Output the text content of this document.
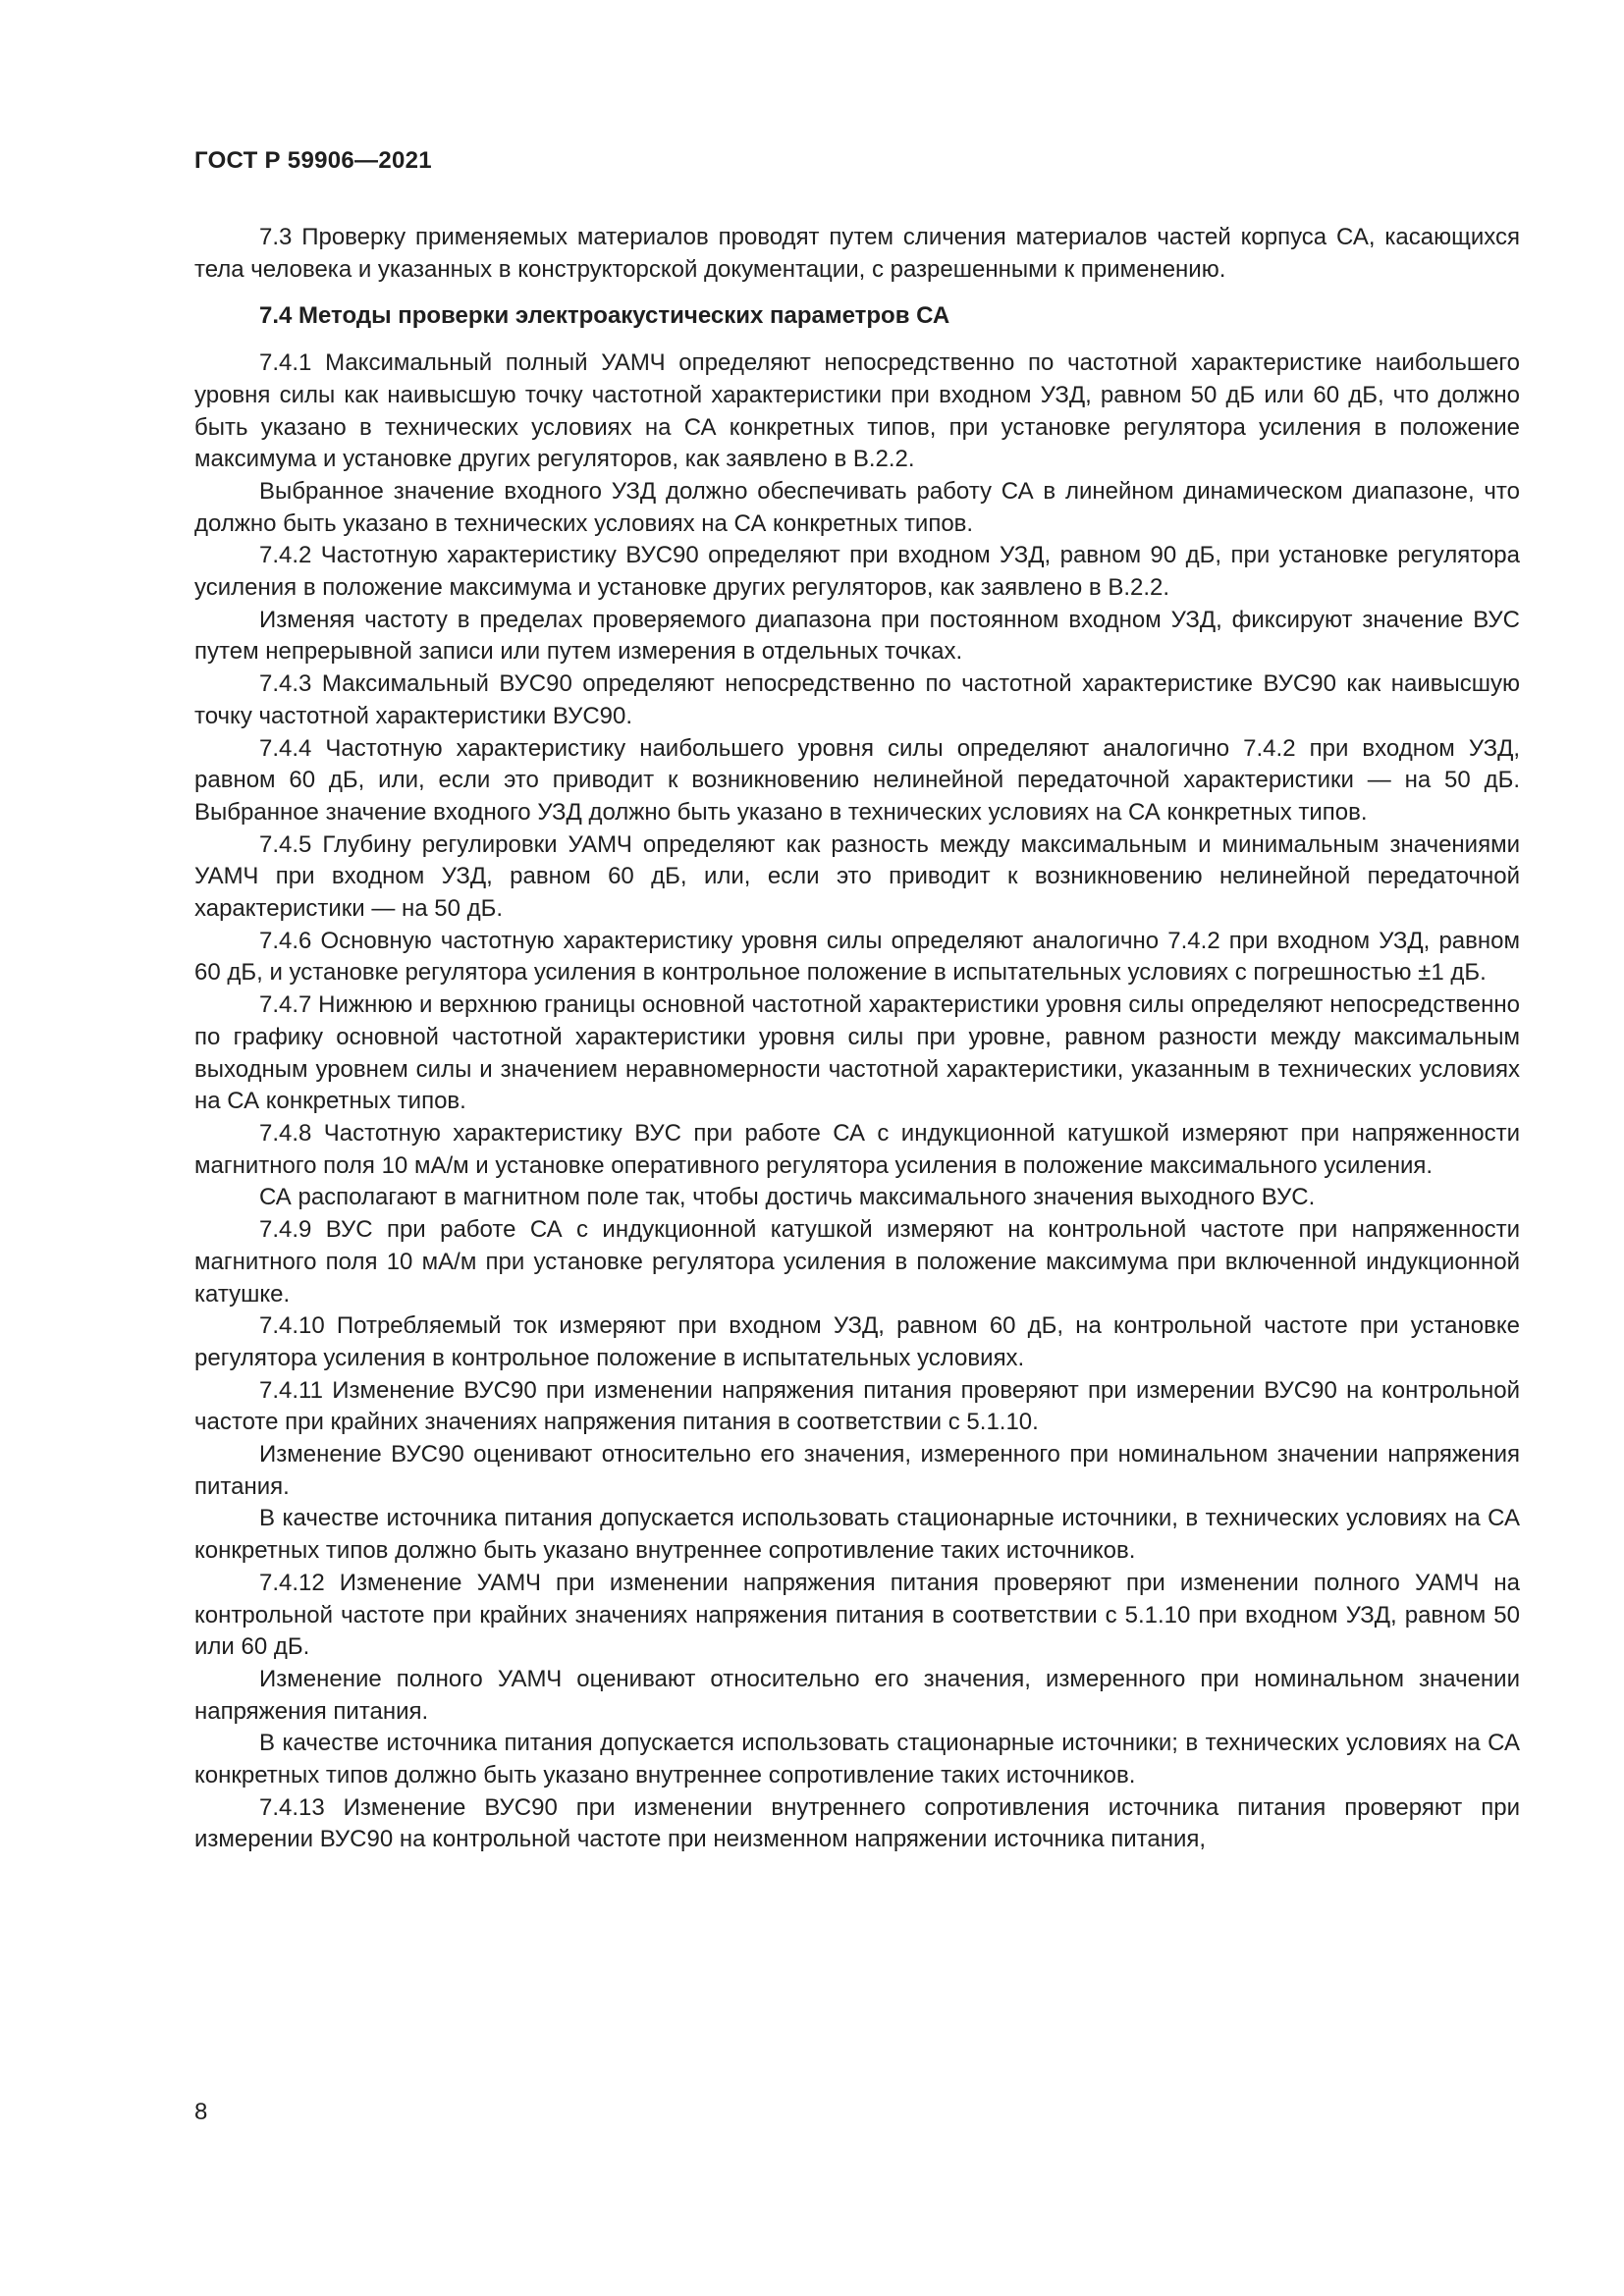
ГОСТ Р 59906—2021

7.3 Проверку применяемых материалов проводят путем сличения материалов частей корпуса СА, касающихся тела человека и указанных в конструкторской документации, с разрешенными к применению.

7.4 Методы проверки электроакустических параметров СА

7.4.1 Максимальный полный УАМЧ определяют непосредственно по частотной характеристике наибольшего уровня силы как наивысшую точку частотной характеристики при входном УЗД, равном 50 дБ или 60 дБ, что должно быть указано в технических условиях на СА конкретных типов, при установке регулятора усиления в положение максимума и установке других регуляторов, как заявлено в В.2.2.

Выбранное значение входного УЗД должно обеспечивать работу СА в линейном динамическом диапазоне, что должно быть указано в технических условиях на СА конкретных типов.

7.4.2 Частотную характеристику ВУС90 определяют при входном УЗД, равном 90 дБ, при установке регулятора усиления в положение максимума и установке других регуляторов, как заявлено в В.2.2.

Изменяя частоту в пределах проверяемого диапазона при постоянном входном УЗД, фиксируют значение ВУС путем непрерывной записи или путем измерения в отдельных точках.

7.4.3 Максимальный ВУС90 определяют непосредственно по частотной характеристике ВУС90 как наивысшую точку частотной характеристики ВУС90.

7.4.4 Частотную характеристику наибольшего уровня силы определяют аналогично 7.4.2 при входном УЗД, равном 60 дБ, или, если это приводит к возникновению нелинейной передаточной характеристики — на 50 дБ. Выбранное значение входного УЗД должно быть указано в технических условиях на СА конкретных типов.

7.4.5 Глубину регулировки УАМЧ определяют как разность между максимальным и минимальным значениями УАМЧ при входном УЗД, равном 60 дБ, или, если это приводит к возникновению нелинейной передаточной характеристики — на 50 дБ.

7.4.6 Основную частотную характеристику уровня силы определяют аналогично 7.4.2 при входном УЗД, равном 60 дБ, и установке регулятора усиления в контрольное положение в испытательных условиях с погрешностью ±1 дБ.

7.4.7 Нижнюю и верхнюю границы основной частотной характеристики уровня силы определяют непосредственно по графику основной частотной характеристики уровня силы при уровне, равном разности между максимальным выходным уровнем силы и значением неравномерности частотной характеристики, указанным в технических условиях на СА конкретных типов.

7.4.8 Частотную характеристику ВУС при работе СА с индукционной катушкой измеряют при напряженности магнитного поля 10 мА/м и установке оперативного регулятора усиления в положение максимального усиления.

СА располагают в магнитном поле так, чтобы достичь максимального значения выходного ВУС.

7.4.9 ВУС при работе СА с индукционной катушкой измеряют на контрольной частоте при напряженности магнитного поля 10 мА/м при установке регулятора усиления в положение максимума при включенной индукционной катушке.

7.4.10 Потребляемый ток измеряют при входном УЗД, равном 60 дБ, на контрольной частоте при установке регулятора усиления в контрольное положение в испытательных условиях.

7.4.11 Изменение ВУС90 при изменении напряжения питания проверяют при измерении ВУС90 на контрольной частоте при крайних значениях напряжения питания в соответствии с 5.1.10.

Изменение ВУС90 оценивают относительно его значения, измеренного при номинальном значении напряжения питания.

В качестве источника питания допускается использовать стационарные источники, в технических условиях на СА конкретных типов должно быть указано внутреннее сопротивление таких источников.

7.4.12 Изменение УАМЧ при изменении напряжения питания проверяют при изменении полного УАМЧ на контрольной частоте при крайних значениях напряжения питания в соответствии с 5.1.10 при входном УЗД, равном 50 или 60 дБ.

Изменение полного УАМЧ оценивают относительно его значения, измеренного при номинальном значении напряжения питания.

В качестве источника питания допускается использовать стационарные источники; в технических условиях на СА конкретных типов должно быть указано внутреннее сопротивление таких источников.

7.4.13 Изменение ВУС90 при изменении внутреннего сопротивления источника питания проверяют при измерении ВУС90 на контрольной частоте при неизменном напряжении источника питания,

8
